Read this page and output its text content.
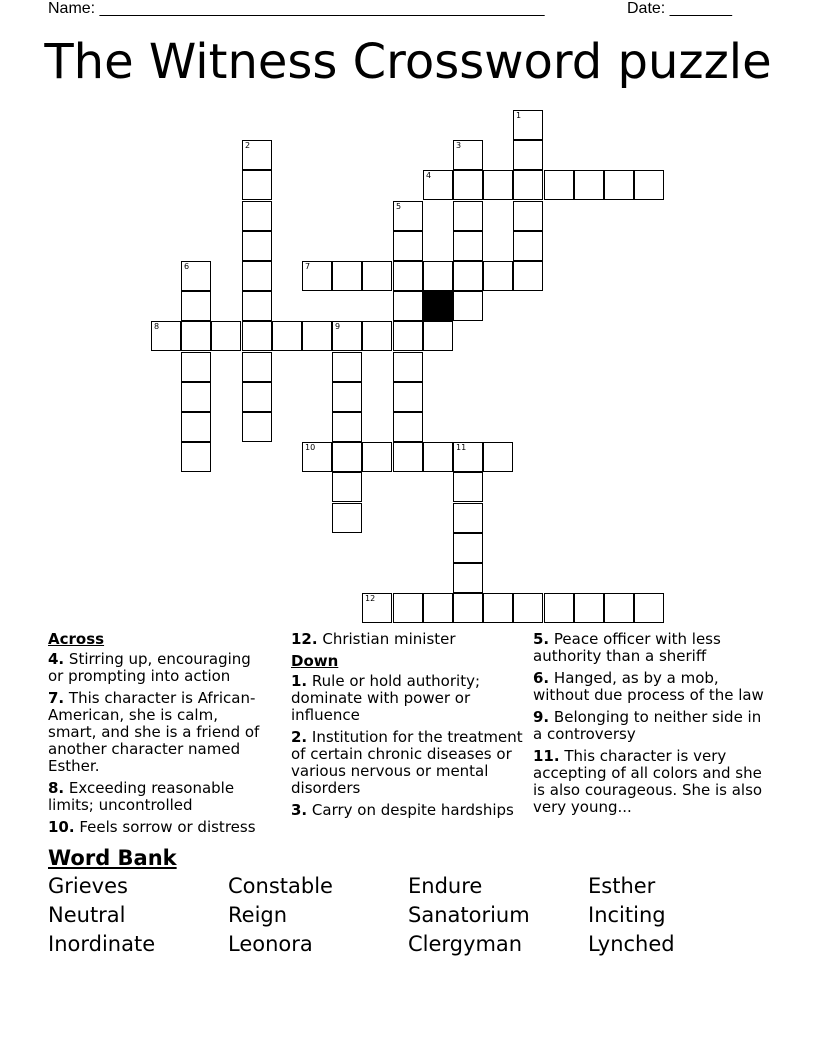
Name: __________________________________________________	Date: _______
The Witness Crossword puzzle
1
2	3
4
5
6	7
8	9
10	11
12
Across
4. Stirring up, encouraging or prompting into action
7. This character is African-American, she is calm, smart, and she is a friend of another character named Esther.
8. Exceeding reasonable limits; uncontrolled
10. Feels sorrow or distress
12. Christian minister
Down
1. Rule or hold authority; dominate with power or influence
2. Institution for the treatment of certain chronic diseases or various nervous or mental disorders
3. Carry on despite hardships
5. Peace officer with less authority than a sheriff
6. Hanged, as by a mob, without due process of the law
9. Belonging to neither side in a controversy
11. This character is very accepting of all colors and she is also courageous. She is also very young...
Word Bank
Grieves	Constable	Endure	Esther
Neutral	Reign	Sanatorium	Inciting
Inordinate	Leonora	Clergyman	Lynched
